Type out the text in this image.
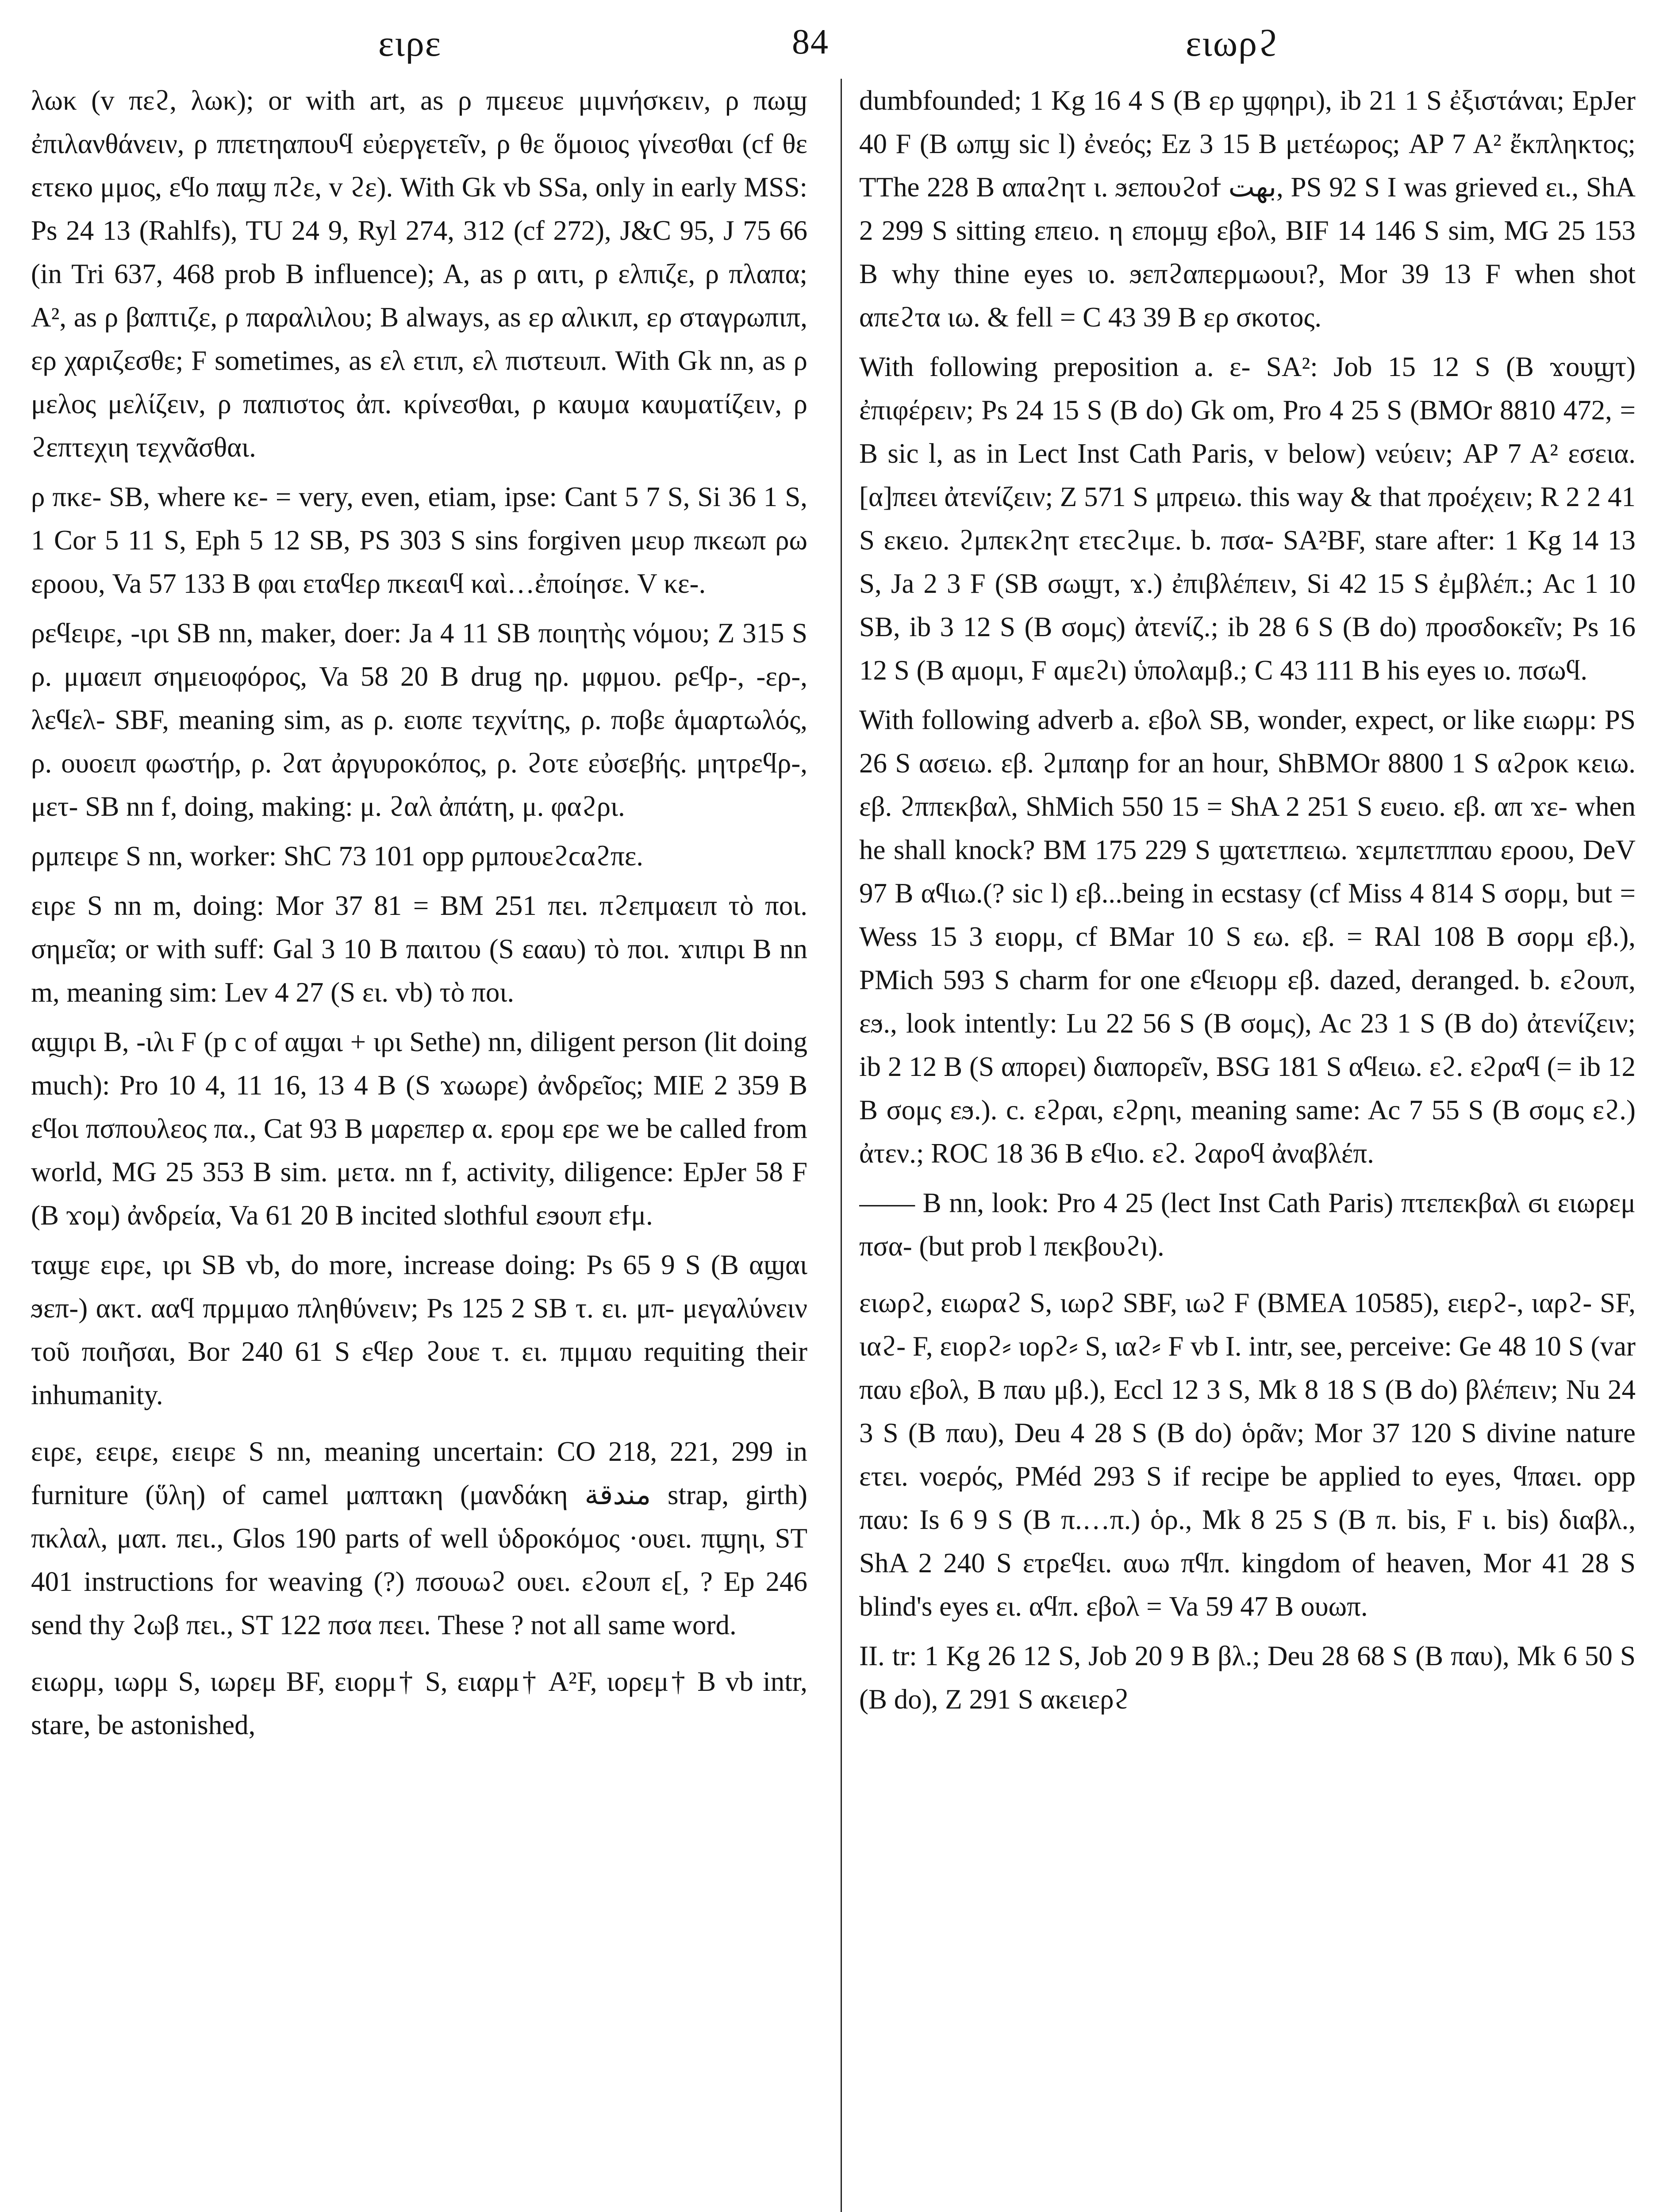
ειρε	84	ειωρϩ

λωκ (v πεϩ, λωκ); or with art, as ρ πμεευε μιμνήσκειν, ρ πωϣ ἐπιλανθάνειν, ρ ππετηαπουϥ εὐεργετεῖν, ρ θε ὅμοιος γίνεσθαι (cf θε ετεκο μμος, εϥο παϣ πϩε, v ϩε). With Gk vb SSa, only in early MSS: Ps 24 13 (Rahlfs), TU 24 9, Ryl 274, 312 (cf 272), J&C 95, J 75 66 (in Tri 637, 468 prob B influence); A, as ρ αιτι, ρ ελπιζε, ρ πλαπα; A², as ρ βαπτιζε, ρ παραλιλου; B always, as ερ αλικιπ, ερ σταγρωπιπ, ερ χαριζεσθε; F sometimes, as ελ ετιπ, ελ πιστευιπ. With Gk nn, as ρ μελος μελίζειν, ρ παπιστος ἀπ. κρίνεσθαι, ρ καυμα καυματίζειν, ρ ϩεπτεχιη τεχνᾶσθαι.

ρ πκε- SB, where κε- = very, even, etiam, ipse: Cant 5 7 S, Si 36 1 S, 1 Cor 5 11 S, Eph 5 12 SB, PS 303 S sins forgiven μευρ πκεωπ ρω εροου, Va 57 133 B φαι εταϥερ πκεαιϥ καὶ…ἐποίησε. V κε-.

ρεϥειρε, -ιρι SB nn, maker, doer: Ja 4 11 SB ποιητὴς νόμου; Z 315 S ρ. μμαειπ σημειοφόρος, Va 58 20 B drug ηρ. μφμου. ρεϥρ-, -ερ-, λεϥελ- SBF, meaning sim, as ρ. ειοπε τεχνίτης, ρ. ποβε ἁμαρτωλός, ρ. ουοειπ φωστήρ, ρ. ϩατ ἀργυροκόπος, ρ. ϩοτε εὐσεβής. μητρεϥρ-, μετ- SB nn f, doing, making: μ. ϩαλ ἀπάτη, μ. φαϩρι.

ρμπειρε S nn, worker: ShC 73 101 opp ρμπουεϩϲαϩπε.

ειρε S nn m, doing: Mor 37 81 = BM 251 πει. πϩεπμαειπ τὸ ποι. σημεῖα; or with suff: Gal 3 10 B παιτου (S εααυ) τὸ ποι. ϫιπιρι B nn m, meaning sim: Lev 4 27 (S ει. vb) τὸ ποι.

αϣιρι B, -ιλι F (p c of αϣαι + ιρι Sethe) nn, diligent person (lit doing much): Pro 10 4, 11 16, 13 4 B (S ϫωωρε) ἀνδρεῖος; MIE 2 359 B εϥοι πσπουλεος πα., Cat 93 B μαρεπερ α. ερομ ερε we be called from world, MG 25 353 B sim. μετα. nn f, activity, diligence: EpJer 58 F (B ϫομ) ἀνδρεία, Va 61 20 B incited slothful εϧουπ εϯμ.

ταϣε ειρε, ιρι SB vb, do more, increase doing: Ps 65 9 S (B αϣαι ϧεπ-) ακτ. ααϥ πρμμαο πληθύνειν; Ps 125 2 SB τ. ει. μπ- μεγαλύνειν τοῦ ποιῆσαι, Bor 240 61 S εϥερ ϩουε τ. ει. πμμαυ requiting their inhumanity.

ειρε, εειρε, εɪειρε S nn, meaning uncertain: CO 218, 221, 299 in furniture (ὕλη) of camel μαπτακη (μανδάκη ﻣﻨﺪﻗﺔ strap, girth) πκλαλ, μαπ. πει., Glos 190 parts of well ὑδροκόμος ·ουει. πϣηι, ST 401 instructions for weaving (?) πσουωϩ ουει. εϩουπ ε[, ? Ep 246 send thy ϩωβ πει., ST 122 πσα πεει. These ? not all same word.

ειωρμ, ιωρμ S, ιωρεμ BF, ειορμ† S, ειαρμ† A²F, ιορεμ† B vb intr, stare, be astonished,

dumbfounded; 1 Kg 16 4 S (B ερ ϣφηρι), ib 21 1 S ἐξιστάναι; EpJer 40 F (B ωπϣ sic l) ἐνεός; Ez 3 15 B μετέωρος; AP 7 A² ἔκπληκτος; TThe 228 B απαϩητ ι. ϧεπουϩοϯ ﺑﻬﺖ, PS 92 S I was grieved ει., ShA 2 299 S sitting επειο. η επομϣ εβολ, BIF 14 146 S sim, MG 25 153 B why thine eyes ιο. ϧεπϩαπερμωουι?, Mor 39 13 F when shot απεϩτα ιω. & fell = C 43 39 B ερ σκοτος.

With following preposition a. ε- SA²: Job 15 12 S (B ϫουϣτ) ἐπιφέρειν; Ps 24 15 S (B do) Gk om, Pro 4 25 S (BMOr 8810 472, = B sic l, as in Lect Inst Cath Paris, v below) νεύειν; AP 7 A² εσεια. [α]πεει ἀτενίζειν; Z 571 S μπρειω. this way & that προέχειν; R 2 2 41 S εκειο. ϩμπεκϩητ ετεϲϩιμε. b. πσα- SA²BF, stare after: 1 Kg 14 13 S, Ja 2 3 F (SB σωϣτ, ϫ.) ἐπιβλέπειν, Si 42 15 S ἐμβλέπ.; Ac 1 10 SB, ib 3 12 S (B σομς) ἀτενίζ.; ib 28 6 S (B do) προσδοκεῖν; Ps 16 12 S (B αμομι, F αμεϩι) ὑπολαμβ.; C 43 111 B his eyes ιο. πσωϥ.

With following adverb a. εβολ SB, wonder, expect, or like ειωρμ: PS 26 S ασειω. εβ. ϩμπαηρ for an hour, ShBMOr 8800 1 S αϩροκ κειω. εβ. ϩππεκβαλ, ShMich 550 15 = ShA 2 251 S ευειο. εβ. απ ϫε- when he shall knock? BM 175 229 S ϣατετπειω. ϫεμπετππαυ εροου, DeV 97 B αϥιω.(? sic l) εβ...being in ecstasy (cf Miss 4 814 S σορμ, but = Wess 15 3 ειορμ, cf BMar 10 S εω. εβ. = RAl 108 B σορμ εβ.), PMich 593 S charm for one εϥειορμ εβ. dazed, deranged. b. εϩουπ, εϧ., look intently: Lu 22 56 S (B σομς), Ac 23 1 S (B do) ἀτενίζειν; ib 2 12 B (S απορει) διαπορεῖν, BSG 181 S αϥειω. εϩ. εϩραϥ (= ib 12 B σομς εϧ.). c. εϩραι, εϩρηι, meaning same: Ac 7 55 S (B σομς εϩ.) ἀτεν.; ROC 18 36 B εϥιο. εϩ. ϩαροϥ ἀναβλέπ.

—— B nn, look: Pro 4 25 (lect Inst Cath Paris) πτεπεκβαλ ϭι ειωρεμ πσα- (but prob l πεκβουϩι).

ειωρϩ, ειωραϩ S, ιωρϩ SBF, ιωϩ F (BMEA 10585), ειερϩ-, ιαρϩ- SF, ιαϩ- F, ειορϩ⸗ ιορϩ⸗ S, ιαϩ⸗ F vb I. intr, see, perceive: Ge 48 10 S (var παυ εβολ, B παυ μβ.), Eccl 12 3 S, Mk 8 18 S (B do) βλέπειν; Nu 24 3 S (B παυ), Deu 4 28 S (B do) ὁρᾶν; Mor 37 120 S divine nature ετει. νοερός, PMéd 293 S if recipe be applied to eyes, ϥπαει. opp παυ: Is 6 9 S (B π.…π.) ὁρ., Mk 8 25 S (B π. bis, F ι. bis) διαβλ., ShA 2 240 S ετρεϥει. αυω πϥπ. kingdom of heaven, Mor 41 28 S blind's eyes ει. αϥπ. εβολ = Va 59 47 B ουωπ.

II. tr: 1 Kg 26 12 S, Job 20 9 B βλ.; Deu 28 68 S (B παυ), Mk 6 50 S (B do), Z 291 S ακειερϩ
